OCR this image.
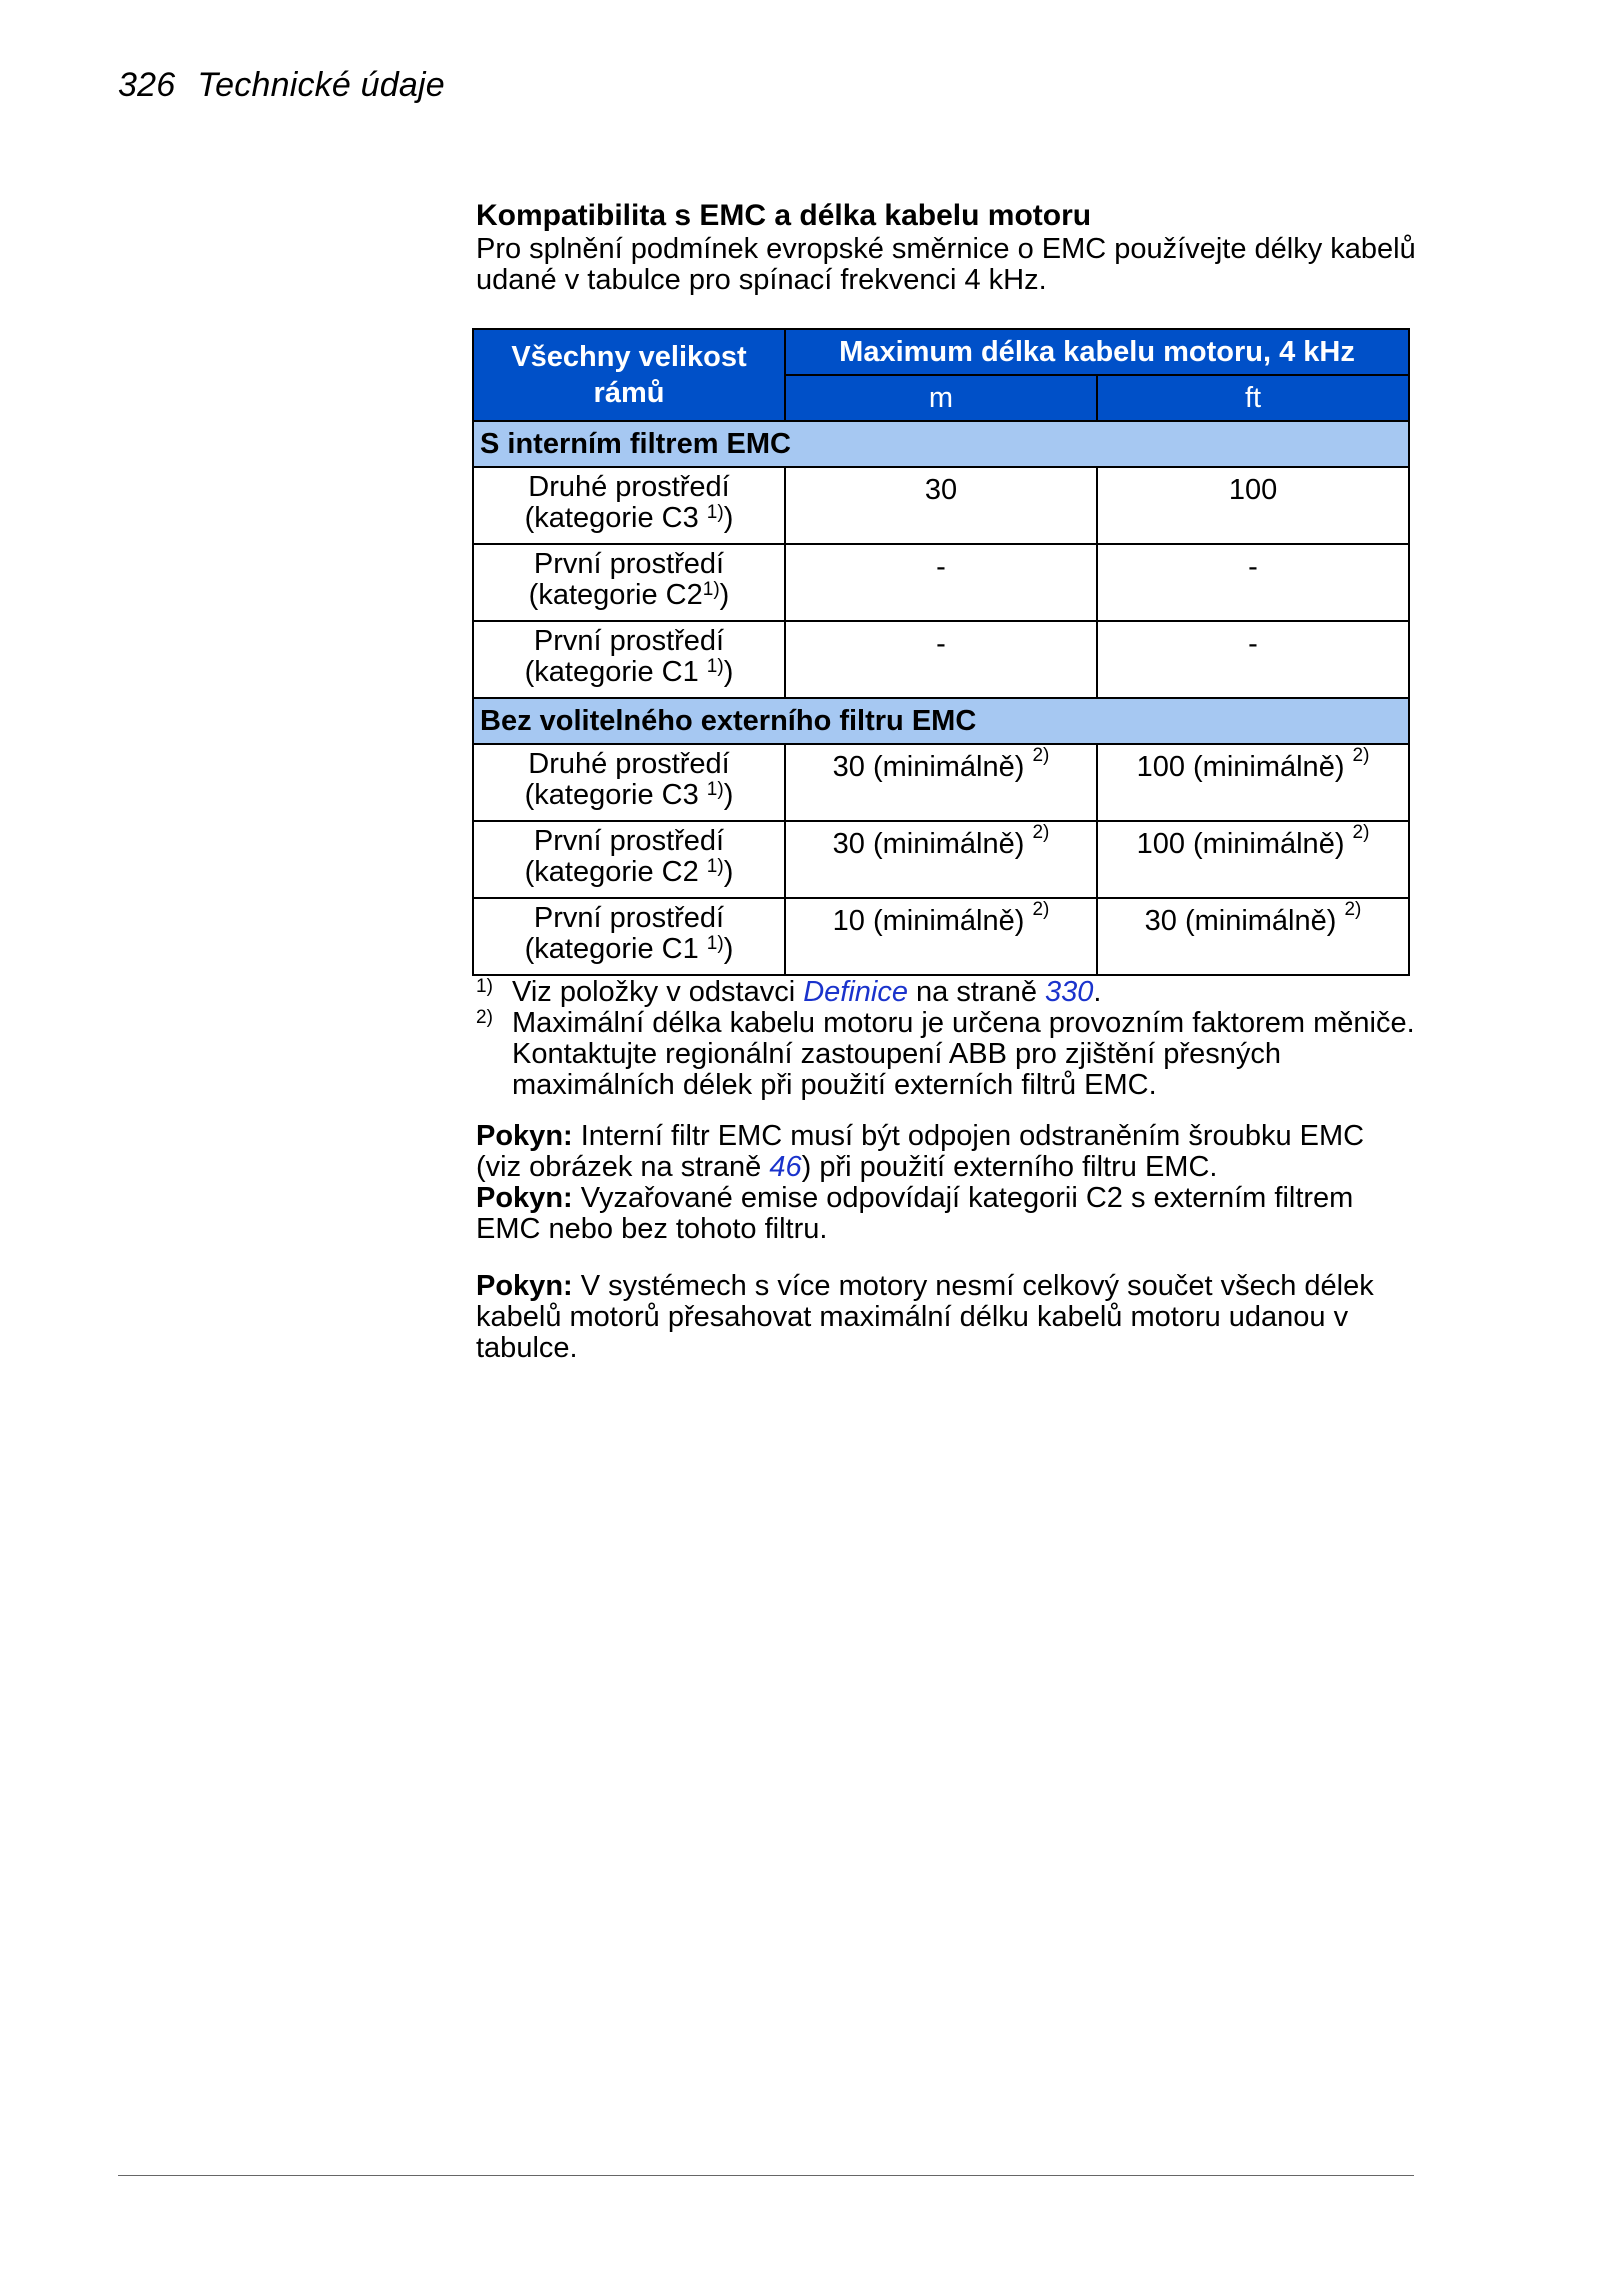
326 Technické údaje

Kompatibilita s EMC a délka kabelu motoru

Pro splnění podmínek evropské směrnice o EMC používejte délky kabelů udané v tabulce pro spínací frekvenci 4 kHz.

Všechny velikost rámů	Maximum délka kabelu motoru, 4 kHz	
	m	ft
S interním filtrem EMC		
Druhé prostředí
(kategorie C3 $^{1)}$)	30	100
První prostředí
(kategorie C2$^{1)}$)	-	-
První prostředí
(kategorie C1 $^{1)}$)	-	-
Bez volitelného externího filtru EMC		
Druhé prostředí
(kategorie C3 $^{1)}$)	30 (minimálně) $^{2)}$	100 (minimálně) $^{2)}$
První prostředí
(kategorie C2 $^{1)}$)	30 (minimálně) $^{2)}$	100 (minimálně) $^{2)}$
První prostředí
(kategorie C1 $^{1)}$)	10 (minimálně) $^{2)}$	30 (minimálně) $^{2)}$
1) Viz položky v odstavci Definice na straně 330.
2) Maximální délka kabelu motoru je určena provozním faktorem měniče. Kontaktujte regionální zastoupení ABB pro zjištění přesných maximálních délek při použití externích filtrů EMC.

Pokyn: Interní filtr EMC musí být odpojen odstraněním šroubku EMC (viz obrázek na straně 46) při použití externího filtru EMC.
Pokyn: Vyzařované emise odpovídají kategorii C2 s externím filtrem EMC nebo bez tohoto filtru.

Pokyn: V systémech s více motory nesmí celkový součet všech délek kabelů motorů přesahovat maximální délku kabelů motoru udanou v tabulce.
